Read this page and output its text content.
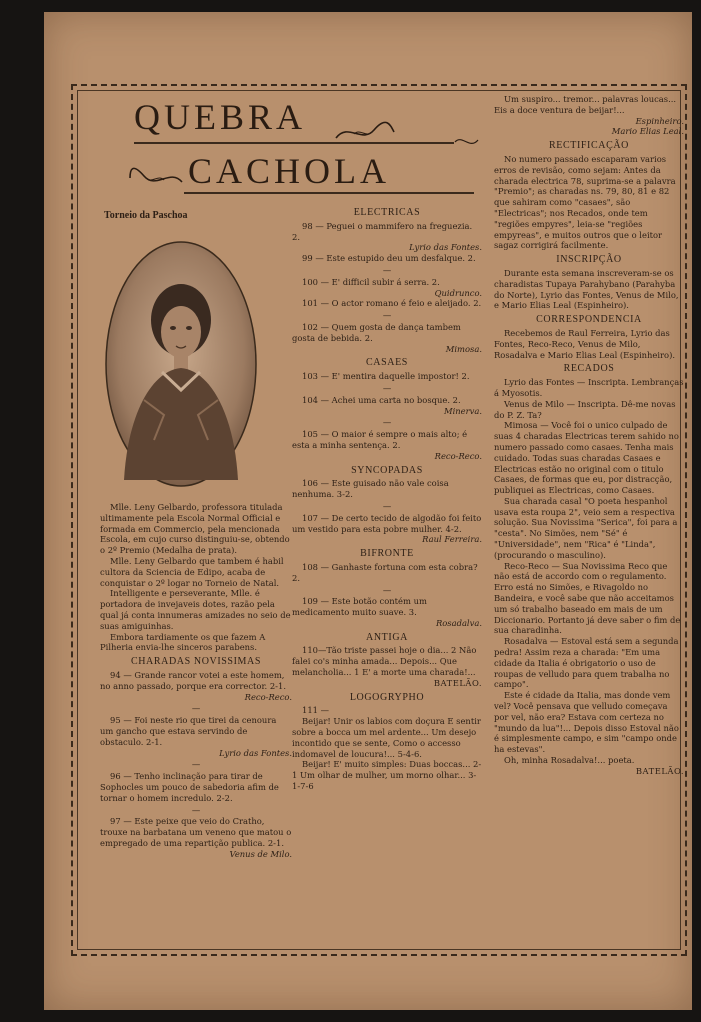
QUEBRA
CACHOLA
Torneio da Paschoa

Mlle. Leny Gelbardo, professora titulada ultimamente pela Escola Normal Official e formada em Commercio, pela mencionada Escola, em cujo curso distinguiu-se, obtendo o 2º Premio (Medalha de prata).

Mlle. Leny Gelbardo que tambem é habil cultora da Sciencia de Edipo, acaba de conquistar o 2º logar no Torneio de Natal.

Intelligente e perseverante, Mlle. é portadora de invejaveis dotes, razão pela qual já conta innumeras amizades no seio de suas amiguinhas.

Embora tardiamente os que fazem A Pilheria envia-lhe sinceros parabens.

CHARADAS NOVISSIMAS

94 — Grande rancor votei a este homem, no anno passado, porque era corrector. 2-1.

Reco-Reco.

—

95 — Foi neste rio que tirei da cenoura um gancho que estava servindo de obstaculo. 2-1.

Lyrio das Fontes.

—

96 — Tenho inclinação para tirar de Sophocles um pouco de sabedoria afim de tornar o homem incredulo. 2-2.

—

97 — Este peixe que veio do Cratho, trouxe na barbatana um veneno que matou o empregado de uma repartição publica. 2-1.

Venus de Milo.

ELECTRICAS

98 — Peguei o mammifero na freguezia. 2.

Lyrio das Fontes.

99 — Este estupido deu um desfalque. 2.

—

100 — E' difficil subir á serra. 2.

Quidrunco.

101 — O actor romano é feio e aleijado. 2.

—

102 — Quem gosta de dança tambem gosta de bebida. 2.

Mimosa.

CASAES

103 — E' mentira daquelle impostor! 2.

—

104 — Achei uma carta no bosque. 2.

Minerva.

—

105 — O maior é sempre o mais alto; é esta a minha sentença. 2.

Reco-Reco.

SYNCOPADAS

106 — Este guisado não vale coisa nenhuma. 3-2.

—

107 — De certo tecido de algodão foi feito um vestido para esta pobre mulher. 4-2.

Raul Ferreira.

BIFRONTE

108 — Ganhaste fortuna com esta cobra? 2.

—

109 — Este botão contém um medicamento muito suave. 3.

Rosadalva.

ANTIGA

110—Tão triste passei hoje o dia... 2 Não falei co's minha amada... Depois... Que melancholia... 1 E' a morte uma charada!...

BATELÃO.

LOGOGRYPHO

111 —

Beijar! Unir os labios com doçura E sentir sobre a bocca um mel ardente... Um desejo incontido que se sente, Como o accesso indomavel de loucura!... 5-4-6.

Beijar! E' muito simples: Duas boccas... 2-1 Um olhar de mulher, um morno olhar... 3-1-7-6

Um suspiro... tremor... palavras loucas... Eis a doce ventura de beijar!...

Espinheiro.

Mario Elias Leal.

RECTIFICAÇÃO

No numero passado escaparam varios erros de revisão, como sejam: Antes da charada electrica 78, suprima-se a palavra "Premio"; as charadas ns. 79, 80, 81 e 82 que sahiram como "casaes", são "Electricas"; nos Recados, onde tem "regiões empyres", leia-se "regiões empyreas", e muitos outros que o leitor sagaz corrigirá facilmente.

INSCRIPÇÃO

Durante esta semana inscreveram-se os charadistas Tupaya Parahybano (Parahyba do Norte), Lyrio das Fontes, Venus de Milo, e Mario Elias Leal (Espinheiro).

CORRESPONDENCIA

Recebemos de Raul Ferreira, Lyrio das Fontes, Reco-Reco, Venus de Milo, Rosadalva e Mario Elias Leal (Espinheiro).

RECADOS

Lyrio das Fontes — Inscripta. Lembranças á Myosotis.

Venus de Milo — Inscripta. Dê-me novas do P. Z. Ta?

Mimosa — Você foi o unico culpado de suas 4 charadas Electricas terem sahido no numero passado como casaes. Tenha mais cuidado. Todas suas charadas Casaes e Electricas estão no original com o titulo Casaes, de formas que eu, por distracção, publiquei as Electricas, como Casaes.

Sua charada casal "O poeta hespanhol usava esta roupa 2", veio sem a respectiva solução. Sua Novissima "Serica", foi para a "cesta". No Simões, nem "Sé" é "Universidade", nem "Rica" é "Linda", (procurando o masculino).

Reco-Reco — Sua Novissima Reco que não está de accordo com o regulamento. Erro está no Simões, e Rivagoldo no Bandeira, e você sabe que não acceitamos um só trabalho baseado em mais de um Diccionario. Portanto já deve saber o fim de sua charadinha.

Rosadalva — Estoval está sem a segunda pedra! Assim reza a charada: "Em uma cidade da Italia é obrigatorio o uso de roupas de velludo para quem trabalha no campo".

Este é cidade da Italia, mas donde vem vel? Você pensava que velludo começava por vel, não era? Estava com certeza no "mundo da lua"!... Depois disso Estoval não é simplesmente campo, e sim "campo onde ha estevas".

Oh, minha Rosadalva!... poeta.

BATELÃO.
